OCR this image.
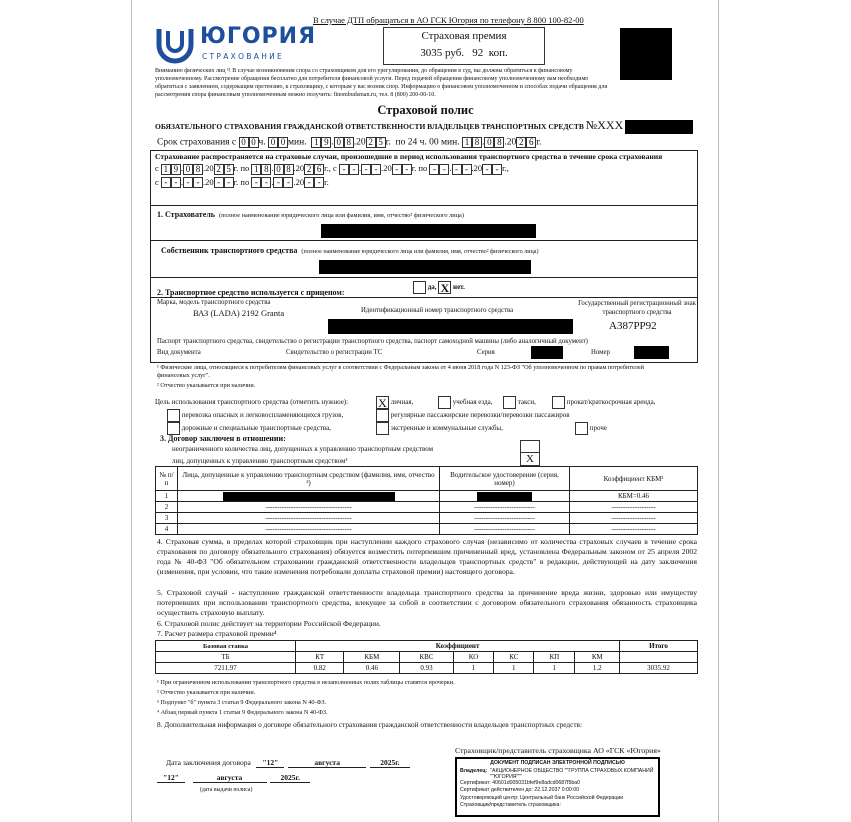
В случае ДТП обращаться в АО ГСК Югория по телефону 8 800 100-82-00
ЮГОРИЯ
СТРАХОВАНИЕ
Страховая премия
3035 руб.   92  коп.
Вниманию физических лиц ¹! В случае возникновения спора со страховщиком для его урегулирования, до обращения в суд, вы должны обратиться к финансовому уполномоченному. Рассмотрение обращения бесплатно для потребителя финансовой услуги. Перед подачей обращения финансовому уполномоченному вам необходимо обратиться с заявлением, содержащим претензию, к страховщику, с которым у вас возник спор. Информацию о финансовом уполномоченном и способах подачи обращения для рассмотрения спора финансовым уполномоченным можно получить: finombudsman.ru, тел. 8 (800) 200-00-10.
Страховой полис
ОБЯЗАТЕЛЬНОГО СТРАХОВАНИЯ ГРАЖДАНСКОЙ ОТВЕТСТВЕННОСТИ ВЛАДЕЛЬЦЕВ ТРАНСПОРТНЫХ СРЕДСТВ №XXX
Срок страхования с 0 0 ч. 0 0 мин. 1 9 . 0 8 .20 2 5 г. по 24 ч. 00 мин. 1 8 . 0 8 .20 2 6 г.
Страхование распространяется на страховые случаи, произошедшие в период использования транспортного средства в течение срока страхования
с 1 9 . 0 8 .20 2 5 г. по 1 8 . 0 8 .20 2 6 г., с - - . - - .20 - - г. по - - . - - .20 - - г.,
с - - . - - .20 - - г. по - - . - - .20 - - г.
1. Страхователь (полное наименование юридического лица или фамилия, имя, отчество² физического лица)
Собственник транспортного средства (полное наименование юридического лица или фамилия, имя, отчество² физического лица)
2. Транспортное средство используется с прицепом:
да, X нет.
Марка, модель транспортного средства
ВАЗ (LADA) 2192 Granta	Идентификационный номер транспортного средства
Государственный регистрационный знак транспортного средства
А387РР92
Паспорт транспортного средства, свидетельство о регистрации транспортного средства, паспорт самоходной машины (либо аналогичный документ)
Вид документа	Свидетельство о регистрации ТС	Серия	Номер
¹ Физические лица, относящиеся к потребителям финансовых услуг в соответствии с Федеральным закона от 4 июня 2018 года N 123-ФЗ "Об уполномоченном по правам потребителей финансовых услуг".
² Отчество указывается при наличии.
Цель использования транспортного средства (отметить нужное):	X личная,	учебная езда,	такси,	прокат/краткосрочная аренда,
перевозка опасных и легковоспламеняющихся грузов,	регулярные пассажирские перевозки/перевозки пассажиров
дорожные и специальные транспортные средства,	экстренные и коммунальные службы,	проче
3. Договор заключен в отношении:
неограниченного количества лиц, допущенных к управлению транспортным средством
лиц, допущенных к управлению транспортным средством¹	X
№ п/п	Лица, допущенные к управлению транспортным средством (фамилия, имя, отчество ²)	Водительское удостоверение (серия, номер)	Коэффициент КБМ³
1			КБМ=0.46
2	-------------------------------------	--------------------------	-------------------
3	-------------------------------------	--------------------------	-------------------
4	-------------------------------------	--------------------------	-------------------
4. Страховая сумма, в пределах которой страховщик при наступлении каждого страхового случая (независимо от количества страховых случаев в течение срока страхования по договору обязательного страхования) обязуется возместить потерпевшим причиненный вред, установлена Федеральным законом от 25 апреля 2002 года № 40-ФЗ "Об обязательном страховании гражданской ответственности владельцев транспортных средств" в редакции, действующей на дату заключения (изменения, при условии, что такие изменения потребовали доплаты страховой премии) настоящего договора.
5. Страховой случай - наступление гражданской ответственности владельца транспортного средства за причинение вреда жизни, здоровью или имуществу потерпевших при использовании транспортного средства, влекущее за собой в соответствии с договором обязательного страхования обязанность страховщика осуществить страховую выплату.
6. Страховой полис действует на территории Российской Федерации.
7. Расчет размера страховой премии⁴
Базовая ставка	Коэффициент							Итого
ТБ	КТ	КБМ	КВС	КО	КС	КП	КМ	
7211.97	0.82	0.46	0.93	1	1	1	1.2	3035.92
¹ При ограниченном использовании транспортного средства в незаполненных полях таблицы ставятся прочерки.
² Отчество указывается при наличии.
³ Подпункт "б" пункта 3 статьи 9 Федерального закона N 40-ФЗ.
⁴ Абзац первый пункта 1 статьи 9 Федерального закона N 40-ФЗ.
8. Дополнительная информация о договоре обязательного страхования гражданской ответственности владельцев транспортных средств:
Дата заключения договора "12"	августа	2025г.
"12"	августа	2025г.
(дата выдачи полиса)
Страховщик/представитель страховщика АО «ГСК «Югория»
ДОКУМЕНТ ПОДПИСАН ЭЛЕКТРОННОЙ ПОДПИСЬЮ
Владелец: "АКЦИОНЕРНОЕ ОБЩЕСТВО ""ГРУППА СТРАХОВЫХ КОМПАНИЙ ""ЮГОРИЯ"""
Сертификат: 40601d005031bfef9e8adcd0687f5ba0
Сертификат действителен до: 22.12.2037 0:00:00
Удостоверяющий центр: Центральный банк Российской Федерации
Страховщик/представитель страховщика:
